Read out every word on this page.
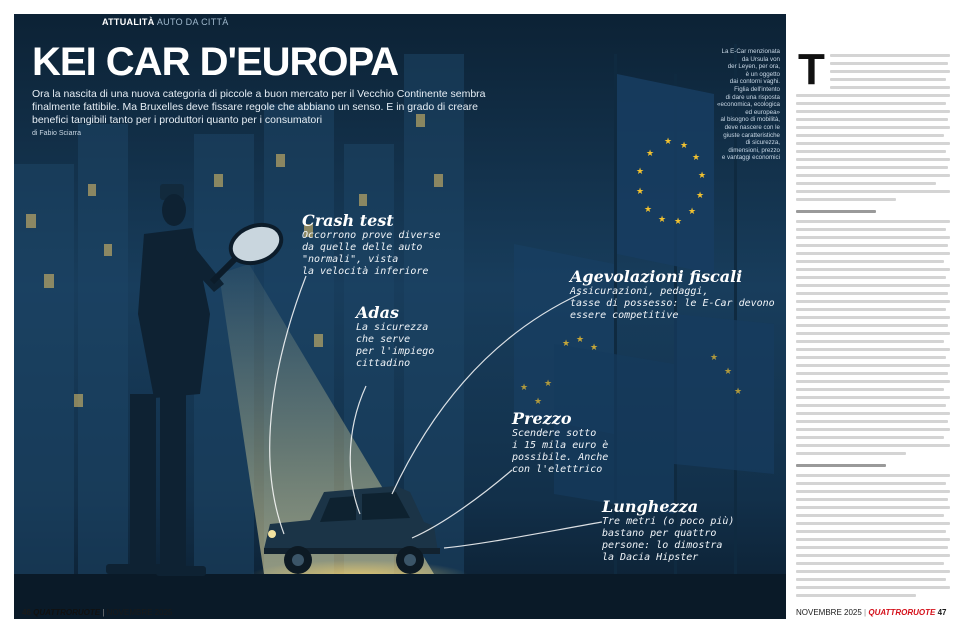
★ ★
★
★
★
★
★
★
★
★
★
★
★ ★
★
★
★
★
★
★
★
ATTUALITÀ AUTO DA CITTÀ
KEI CAR D'EUROPA
Ora la nascita di una nuova categoria di piccole a buon mercato per il Vecchio Continente sembra finalmente fattibile. Ma Bruxelles deve fissare regole che abbiano un senso. E in grado di creare benefici tangibili tanto per i produttori quanto per i consumatori
di Fabio Sciarra
La E-Car menzionata
da Ursula von
der Leyen, per ora,
è un oggetto
dai contorni vaghi.
Figlia dell'intento
di dare una risposta
«economica, ecologica
ed europea»
al bisogno di mobilità,
deve nascere con le
giuste caratteristiche
di sicurezza,
dimensioni, prezzo
e vantaggi economici
Crash test
Occorrono prove diverse
da quelle delle auto
"normali", vista
la velocità inferiore
Adas
La sicurezza
che serve
per l'impiego
cittadino
Agevolazioni fiscali
Assicurazioni, pedaggi,
tasse di possesso: le E-Car devono
essere competitive
Prezzo
Scendere sotto
i 15 mila euro è
possibile. Anche
con l'elettrico
Lunghezza
Tre metri (o poco più)
bastano per quattro
persone: lo dimostra
la Dacia Hipster
46 QUATTRORUOTE | NOVEMBRE 2025
T
NOVEMBRE 2025 | QUATTRORUOTE 47
